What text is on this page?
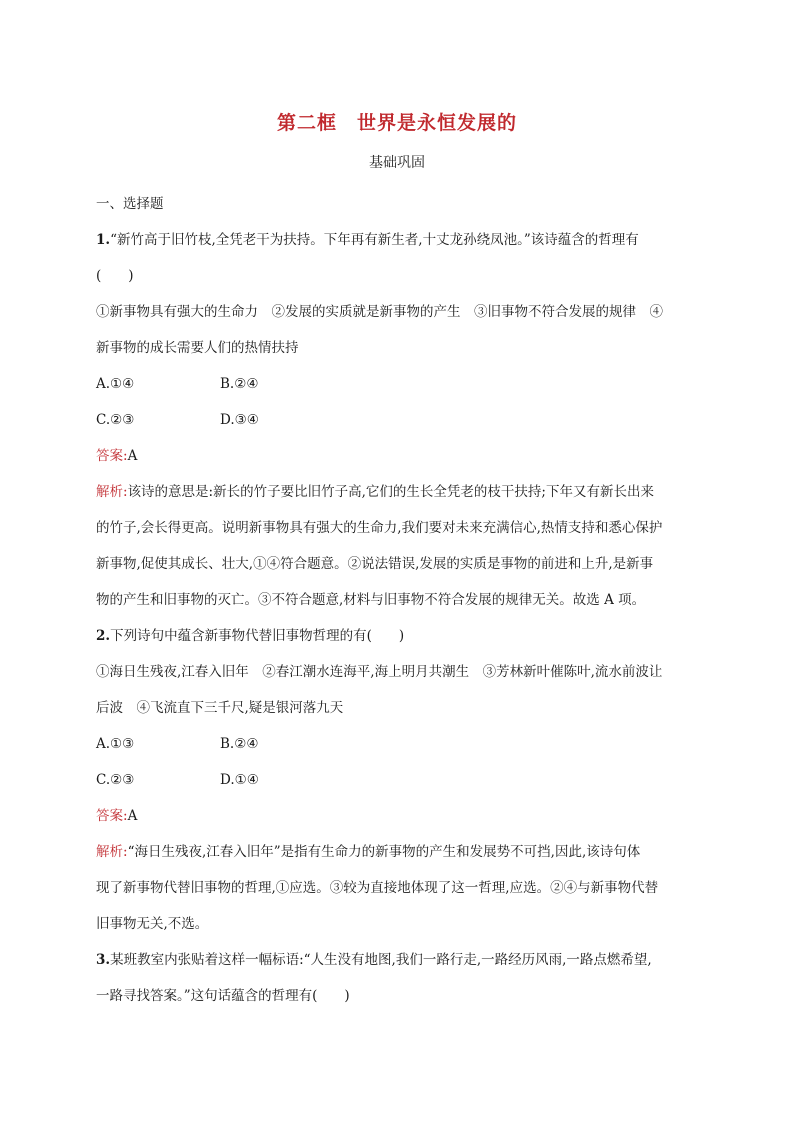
第二框　世界是永恒发展的
基础巩固
一、选择题
1.“新竹高于旧竹枝,全凭老干为扶持。下年再有新生者,十丈龙孙绕凤池。”该诗蕴含的哲理有
(　　)
①新事物具有强大的生命力　②发展的实质就是新事物的产生　③旧事物不符合发展的规律　④
新事物的成长需要人们的热情扶持
A.①④	B.②④
C.②③	D.③④
答案:A
解析:该诗的意思是:新长的竹子要比旧竹子高,它们的生长全凭老的枝干扶持;下年又有新长出来
的竹子,会长得更高。说明新事物具有强大的生命力,我们要对未来充满信心,热情支持和悉心保护
新事物,促使其成长、壮大,①④符合题意。②说法错误,发展的实质是事物的前进和上升,是新事
物的产生和旧事物的灭亡。③不符合题意,材料与旧事物不符合发展的规律无关。故选 A 项。
2.下列诗句中蕴含新事物代替旧事物哲理的有(　　)
①海日生残夜,江春入旧年　②春江潮水连海平,海上明月共潮生　③芳林新叶催陈叶,流水前波让
后波　④飞流直下三千尺,疑是银河落九天
A.①③	B.②④
C.②③	D.①④
答案:A
解析:“海日生残夜,江春入旧年”是指有生命力的新事物的产生和发展势不可挡,因此,该诗句体
现了新事物代替旧事物的哲理,①应选。③较为直接地体现了这一哲理,应选。②④与新事物代替
旧事物无关,不选。
3.某班教室内张贴着这样一幅标语:“人生没有地图,我们一路行走,一路经历风雨,一路点燃希望,
一路寻找答案。”这句话蕴含的哲理有(　　)
